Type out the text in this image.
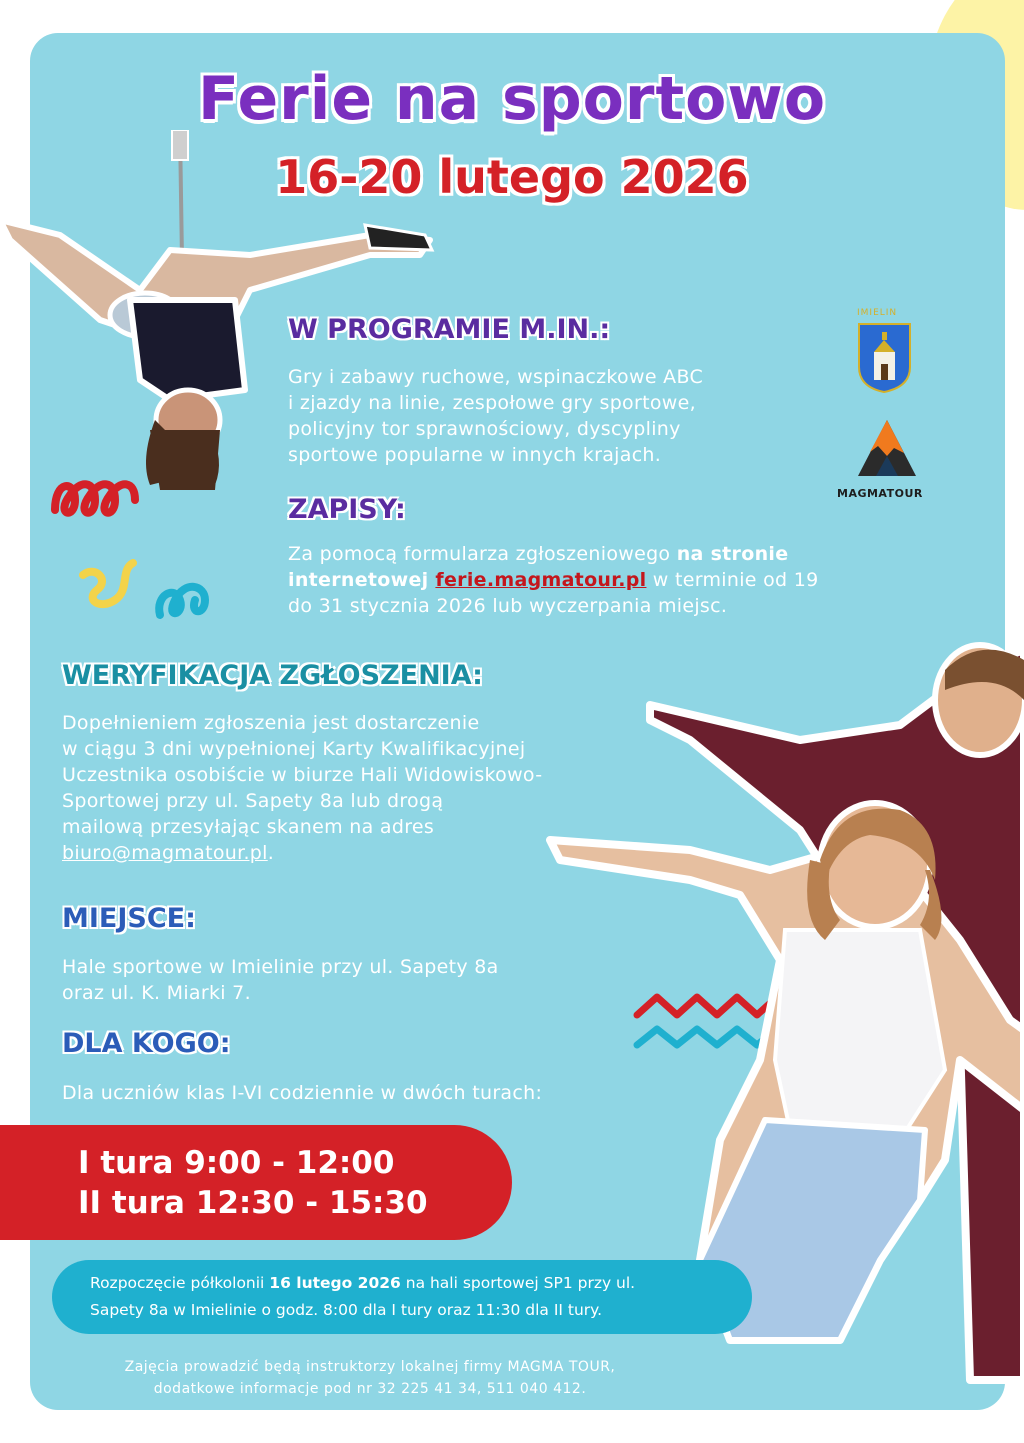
Ferie na sportowo
16-20 lutego 2026
IMIELIN
MAGMATOUR
W PROGRAMIE M.IN.:
Gry i zabawy ruchowe, wspinaczkowe ABC
i zjazdy na linie, zespołowe gry sportowe,
policyjny tor sprawnościowy, dyscypliny
sportowe popularne w innych krajach.
ZAPISY:
Za pomocą formularza zgłoszeniowego na stronie
internetowej ferie.magmatour.pl w terminie od 19
do 31 stycznia 2026 lub wyczerpania miejsc.
WERYFIKACJA ZGŁOSZENIA:
Dopełnieniem zgłoszenia jest dostarczenie
w ciągu 3 dni wypełnionej Karty Kwalifikacyjnej
Uczestnika osobiście w biurze Hali Widowiskowo-
Sportowej przy ul. Sapety 8a lub drogą
mailową przesyłając skanem na adres
biuro@magmatour.pl.
MIEJSCE:
Hale sportowe w Imielinie przy ul. Sapety 8a
oraz ul. K. Miarki 7.
DLA KOGO:
Dla uczniów klas I-VI codziennie w dwóch turach:
I tura 9:00 - 12:00
II tura 12:30 - 15:30
Rozpoczęcie półkolonii 16 lutego 2026 na hali sportowej SP1 przy ul.
Sapety 8a w Imielinie o godz. 8:00 dla I tury oraz 11:30 dla II tury.
Zajęcia prowadzić będą instruktorzy lokalnej firmy MAGMA TOUR,
dodatkowe informacje pod nr 32 225 41 34, 511 040 412.
